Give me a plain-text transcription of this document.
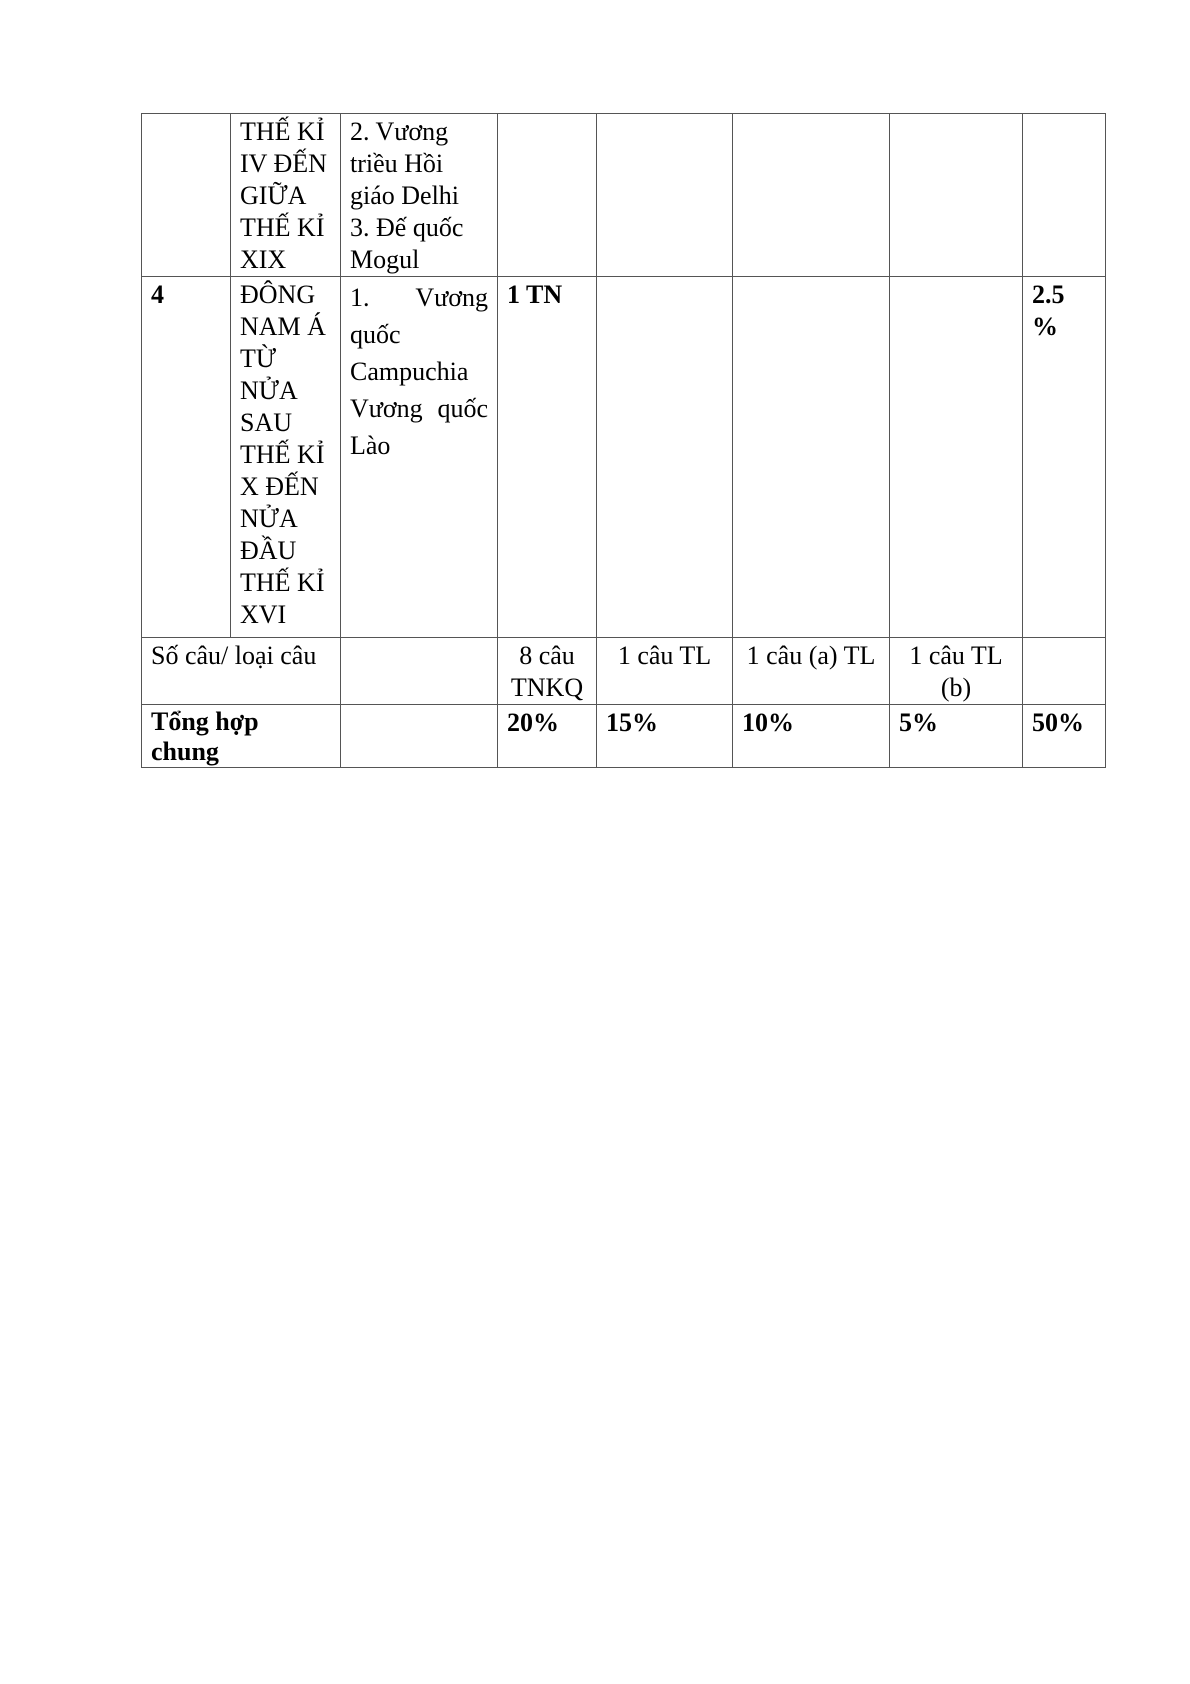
	THẾ KỈ IV ĐẾN GIỮA THẾ KỈ XIX	2. Vương triều Hồi giáo Delhi
3. Đế quốc Mogul					
4	ĐÔNG NAM Á TỪ NỬA SAU THẾ KỈ X ĐẾN NỬA ĐẦU THẾ KỈ XVI	1. Vương quốc Campuchia Vương quốc Lào	1 TN				2.5 %
Số câu/ loại câu			8 câu TNKQ	1 câu TL	1 câu (a) TL	1 câu TL (b)	
Tổng hợp chung			20%	15%	10%	5%	50%
